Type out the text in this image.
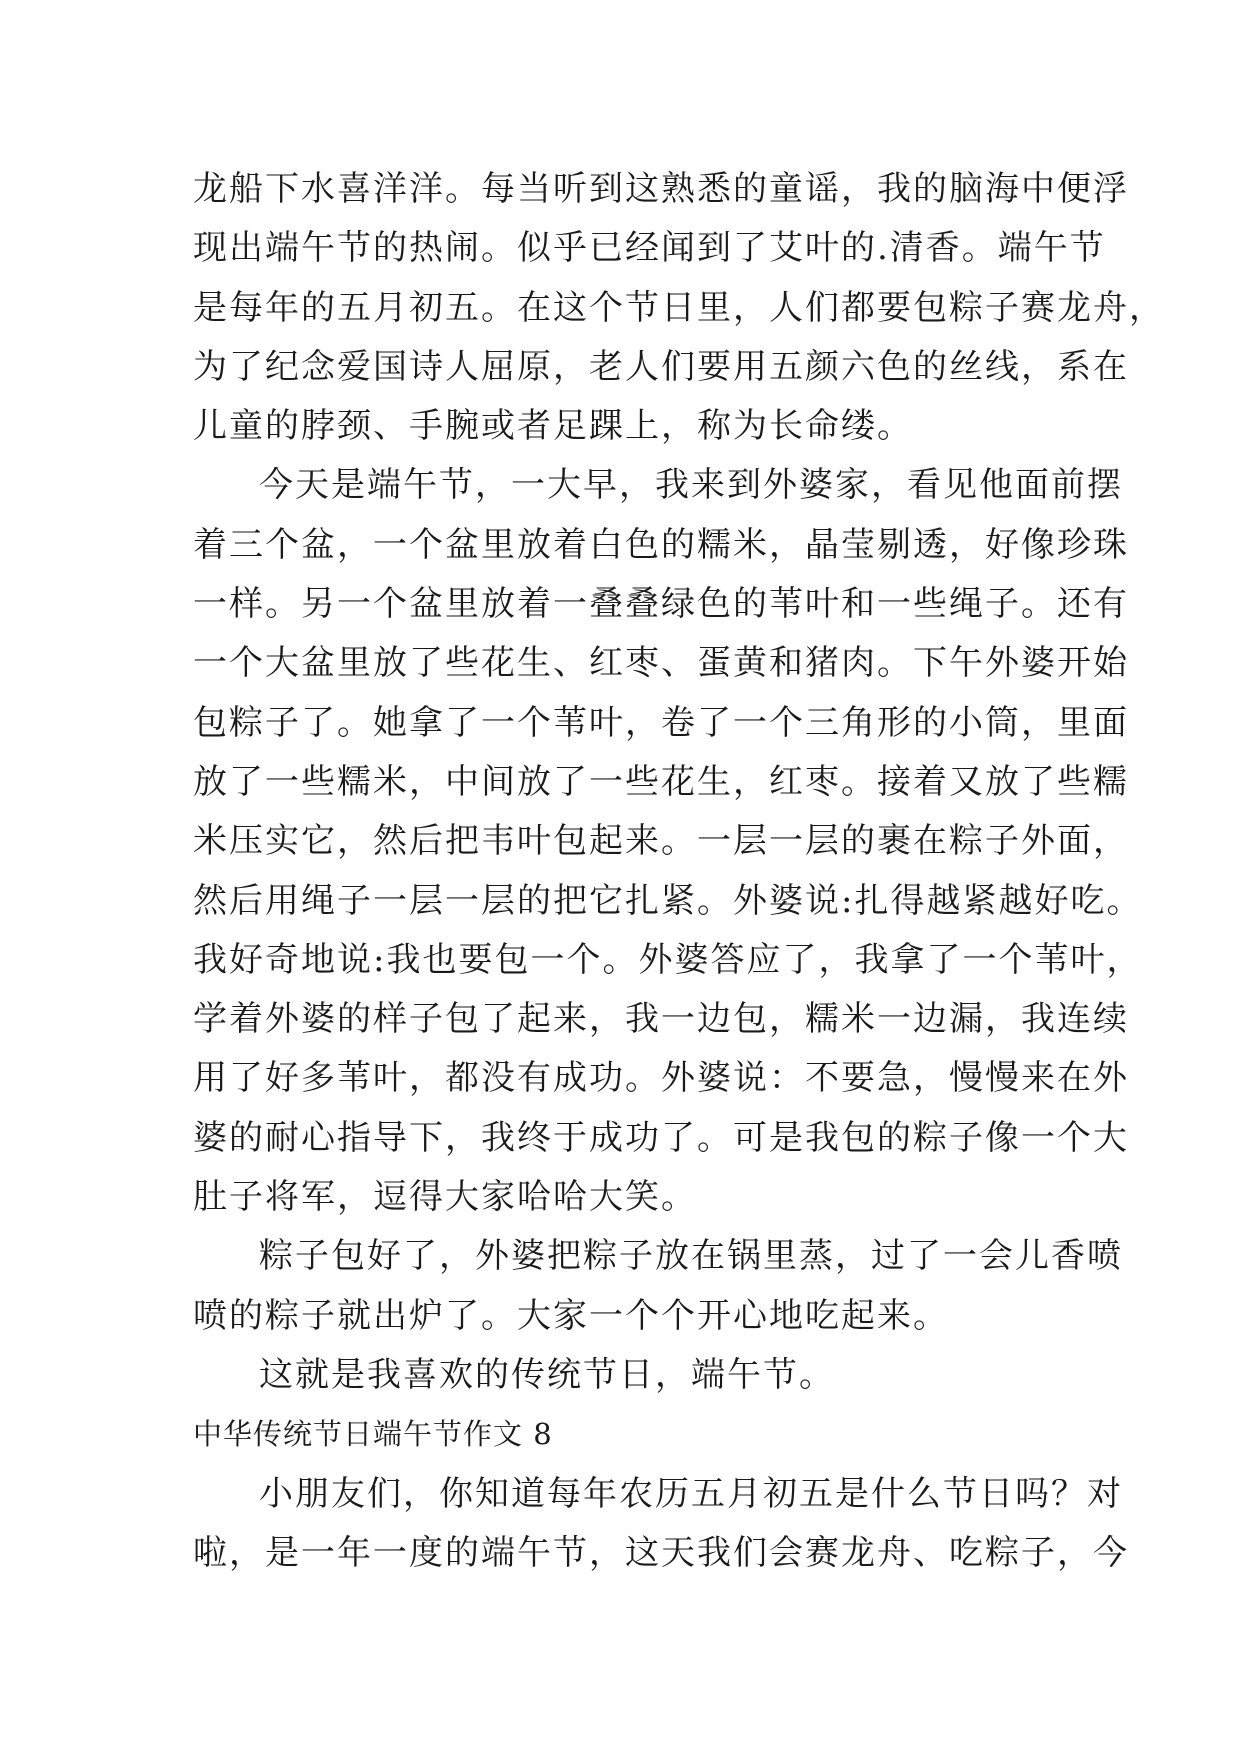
龙船下水喜洋洋。每当听到这熟悉的童谣，我的脑海中便浮
现出端午节的热闹。似乎已经闻到了艾叶的.清香。端午节
是每年的五月初五。在这个节日里，人们都要包粽子赛龙舟，
为了纪念爱国诗人屈原，老人们要用五颜六色的丝线，系在
儿童的脖颈、手腕或者足踝上，称为长命缕。
今天是端午节，一大早，我来到外婆家，看见他面前摆
着三个盆，一个盆里放着白色的糯米，晶莹剔透，好像珍珠
一样。另一个盆里放着一叠叠绿色的苇叶和一些绳子。还有
一个大盆里放了些花生、红枣、蛋黄和猪肉。下午外婆开始
包粽子了。她拿了一个苇叶，卷了一个三角形的小筒，里面
放了一些糯米，中间放了一些花生，红枣。接着又放了些糯
米压实它，然后把韦叶包起来。一层一层的裹在粽子外面，
然后用绳子一层一层的把它扎紧。外婆说:扎得越紧越好吃。
我好奇地说:我也要包一个。外婆答应了，我拿了一个苇叶，
学着外婆的样子包了起来，我一边包，糯米一边漏，我连续
用了好多苇叶，都没有成功。外婆说：不要急，慢慢来在外
婆的耐心指导下，我终于成功了。可是我包的粽子像一个大
肚子将军，逗得大家哈哈大笑。
粽子包好了，外婆把粽子放在锅里蒸，过了一会儿香喷
喷的粽子就出炉了。大家一个个开心地吃起来。
这就是我喜欢的传统节日，端午节。
中华传统节日端午节作文 8
小朋友们，你知道每年农历五月初五是什么节日吗？对
啦，是一年一度的端午节，这天我们会赛龙舟、吃粽子，今
